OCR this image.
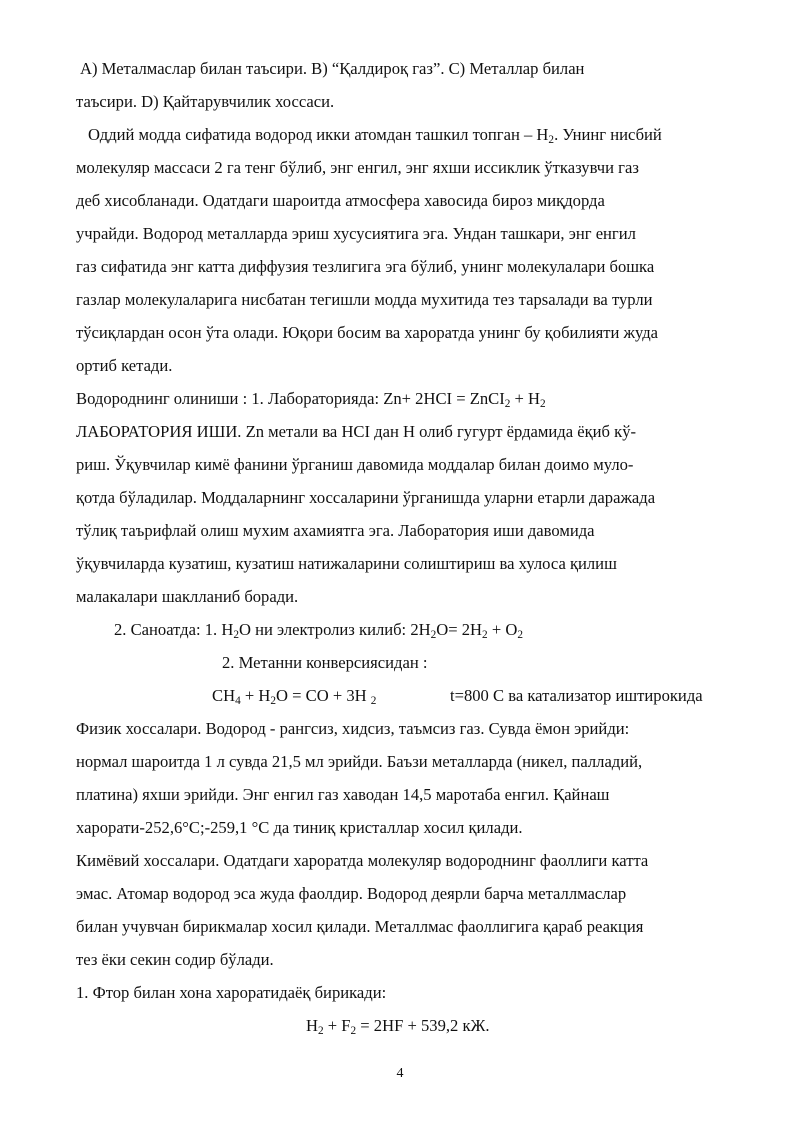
А) Металмаслар билан таъсири. В) “Қалдироқ газ”. С) Металлар билан
таъсири. D) Қайтарувчилик хоссаси.
Оддий модда сифатида водород икки атомдан ташкил топган – $Н_2$. Унинг нисбий
молекуляр массаси 2 га тенг бўлиб, энг енгил, энг яхши иссиклик ўтказувчи газ
деб хисобланади. Одатдаги шароитда атмосфера хавосида бироз миқдорда
учрайди. Водород металларда эриш хусусиятига эга. Ундан ташкари, энг енгил
газ сифатида энг катта диффузия тезлигига эга бўлиб, унинг молекулалари бошка
газлар молекулаларига нисбатан тегишли модда мухитида тез тарsалади ва турли
тўсиқлардан осон ўта олади. Юқори босим ва хароратда унинг бу қобилияти жуда
ортиб кетади.
Водороднинг олиниши : 1. Лабораторияда: Zn+ 2НСI = ZnCI$_2$ + $Н_2$
ЛАБОРАТОРИЯ ИШИ. Zn метали ва НСІ дан Н олиб гугурт ёрдамида ёқиб кў-
риш. Ўқувчилар кимё фанини ўрганиш давомида моддалар билан доимо муло-
қотда бўладилар. Моддаларнинг хоссаларини ўрганишда уларни етарли даражада
тўлиқ таърифлай олиш мухим ахамиятга эга. Лаборатория иши давомида
ўқувчиларда кузатиш, кузатиш натижаларини солиштириш ва хулоса қилиш
малакалари шаклланиб боради.
2. Саноатда: 1. $Н_2О$ ни электролиз килиб: $2Н_2О= 2Н_2 + О_2$
2. Метанни конверсиясидан :
$СН_4 + Н_2О$ = СО + 3Н $_2$	t=800 С ва катализатор иштирокида
Физик хоссалари. Водород - рангсиз, хидсиз, таъмсиз газ. Сувда ёмон эрийди:
нормал шароитда 1 л сувда 21,5 мл эрийди. Баъзи металларда (никел, палладий,
платина) яхши эрийди. Энг енгил газ хаводан 14,5 маротаба енгил. Қайнаш
харорати-252,6°С;-259,1 °С да тиниқ кристаллар хосил қилади.
Кимёвий хоссалари. Одатдаги хароратда молекуляр водороднинг фаоллиги катта
эмас. Атомар водород эса жуда фаолдир. Водород деярли барча металлмаслар
билан учувчан бирикмалар хосил қилади. Металлмас фаоллигига қараб реакция
тез ёки секин содир бўлади.
1. Фтор билан хона хароратидаёқ бирикади:
$Н_2 + F_2 = 2НF + 539,2$ кЖ.
4
